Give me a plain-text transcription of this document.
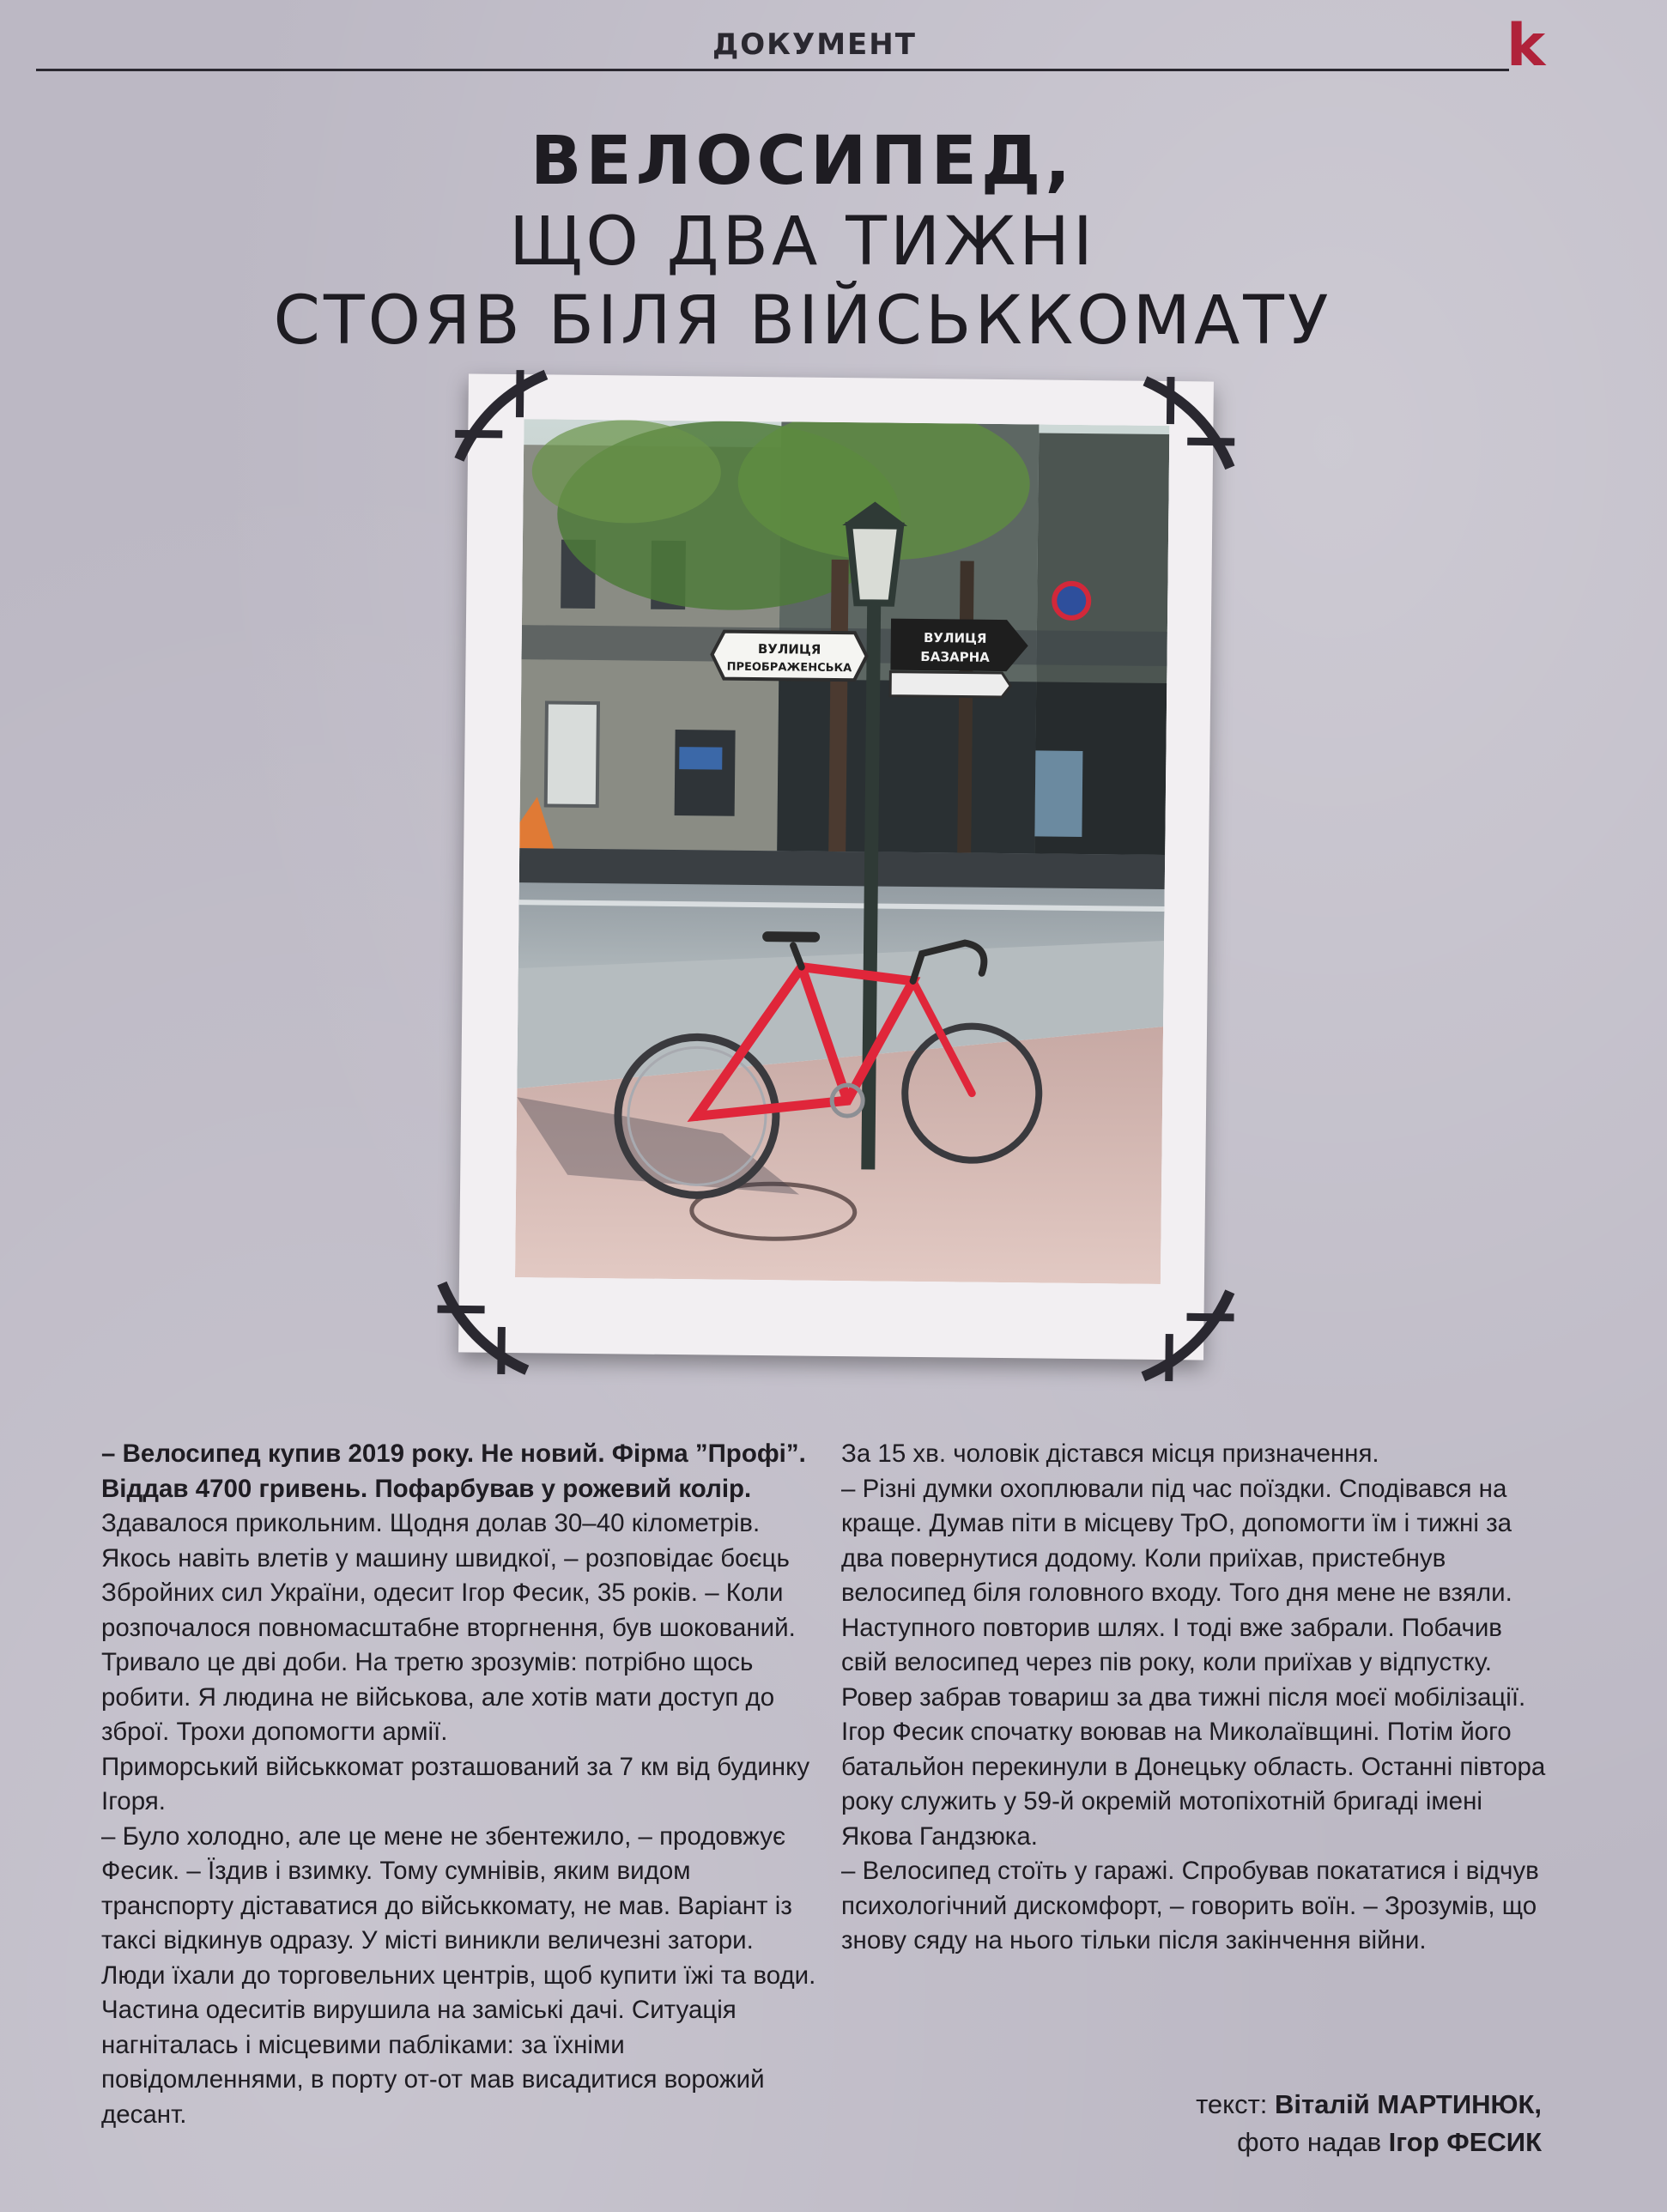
ДОКУМЕНТ	k
ВЕЛОСИПЕД,
ЩО ДВА ТИЖНІ
СТОЯВ БІЛЯ ВІЙСЬККОМАТУ
ВУЛИЦЯ
ПРЕОБРАЖЕНСЬКА
ВУЛИЦЯ
БАЗАРНА

– Велосипед купив 2019 року. Не новий. Фірма ”Профі”. Віддав 4700 гривень. Пофарбував у рожевий колір. Здавалося прикольним. Щодня долав 30–40 кілометрів. Якось навіть влетів у машину швидкої, – розповідає боєць Збройних сил України, одесит Ігор Фесик, 35 років. – Коли розпочалося повномасштабне вторгнення, був шокований. Тривало це дві доби. На третю зрозумів: потрібно щось робити. Я людина не військова, але хотів мати доступ до зброї. Трохи допомогти армії.

Приморський військкомат розташований за 7 км від будинку Ігоря.

– Було холодно, але це мене не збентежило, – продовжує Фесик. – Їздив і взимку. Тому сумнівів, яким видом транспорту діставатися до військкомату, не мав. Варіант із таксі відкинув одразу. У місті виникли величезні затори. Люди їхали до торговельних центрів, щоб купити їжі та води. Частина одеситів вирушила на заміські дачі. Ситуація нагніталась і місцевими пабліками: за їхніми повідомленнями, в порту от-от мав висадитися ворожий десант.

За 15 хв. чоловік дістався місця призначення.

– Різні думки охоплювали під час поїздки. Сподівався на краще. Думав піти в місцеву ТрО, допомогти їм і тижні за два повернутися додому. Коли приїхав, пристебнув велосипед біля головного входу. Того дня мене не взяли. Наступного повторив шлях. І тоді вже забрали. Побачив свій велосипед через пів року, коли приїхав у відпустку. Ровер забрав товариш за два тижні після моєї мобілізації.

Ігор Фесик спочатку воював на Миколаївщині. Потім його батальйон перекинули в Донецьку область. Останні півтора року служить у 59-й окремій мотопіхотній бригаді імені Якова Гандзюка.

– Велосипед стоїть у гаражі. Спробував покататися і відчув психологічний дискомфорт, – говорить воїн. – Зрозумів, що знову сяду на нього тільки після закінчення війни.

текст: Віталій МАРТИНЮК,
фото надав Ігор ФЕСИК
